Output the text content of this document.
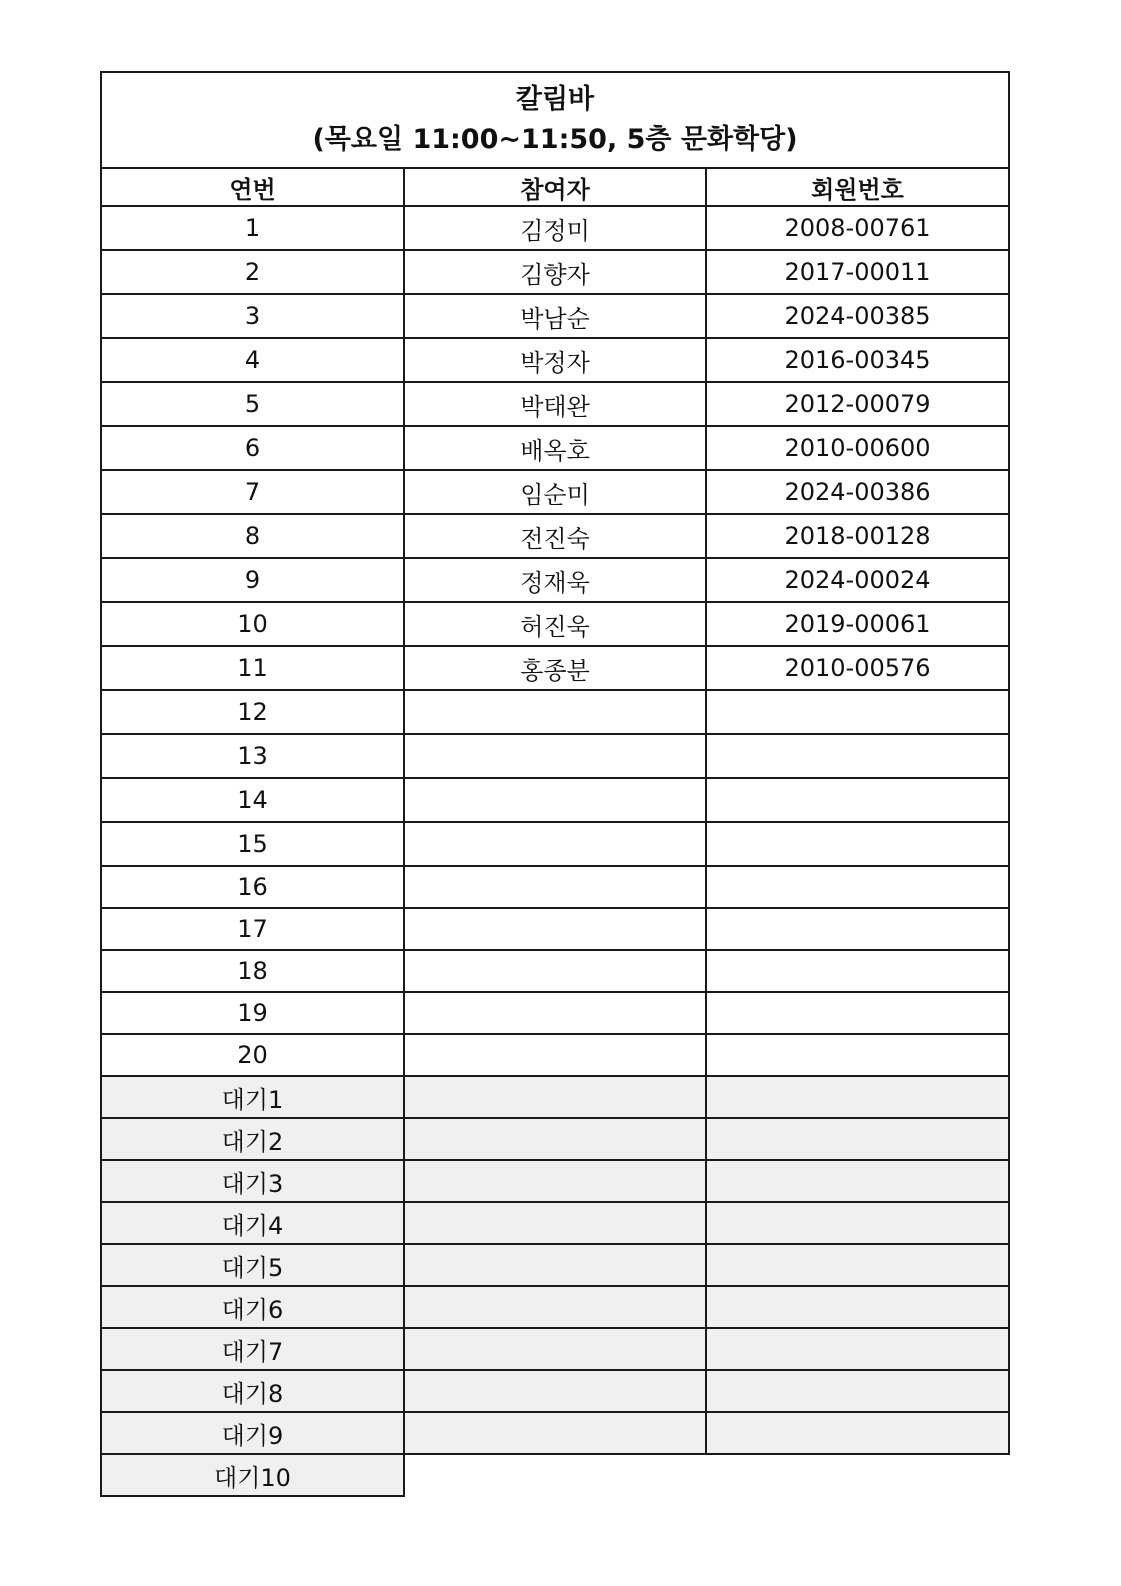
칼림바
(목요일 11:00~11:50, 5층 문화학당)		

연번	참여자	회원번호
1	김정미	2008-00761
2	김향자	2017-00011
3	박남순	2024-00385
4	박정자	2016-00345
5	박태완	2012-00079
6	배옥호	2010-00600
7	임순미	2024-00386
8	전진숙	2018-00128
9	정재욱	2024-00024
10	허진욱	2019-00061
11	홍종분	2010-00576
12		
13		
14		
15		
16		
17		
18		
19		
20		
대기1		
대기2		
대기3		
대기4		
대기5		
대기6		
대기7		
대기8		
대기9		
대기10		
